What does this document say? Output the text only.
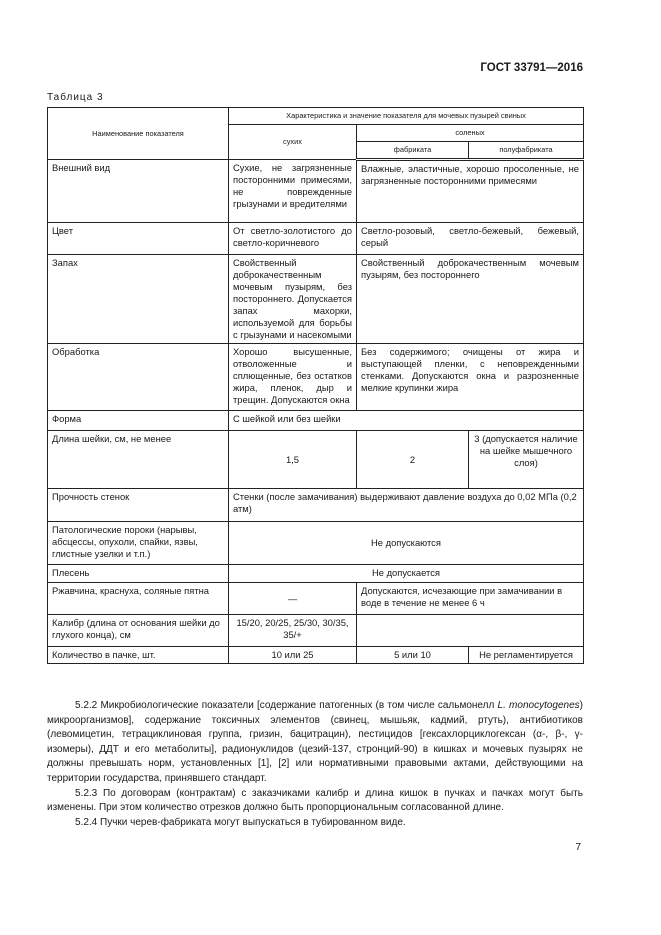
ГОСТ 33791—2016
Таблица 3
Наименование показателя	Характеристика и значение показателя для мочевых пузырей свиных		
	сухих	соленых	
		фабриката	полуфабриката
Внешний вид	Сухие, не загрязненные посторонними примесями, не поврежденные грызунами и вредителями	Влажные, эластичные, хорошо просоленные, не загрязненные посторонними примесями	
Цвет	От светло-золотистого до светло-коричневого	Светло-розовый, светло-бежевый, бежевый, серый	
Запах	Свойственный доброкачественным мочевым пузырям, без постороннего. Допускается запах махорки, используемой для борьбы с грызунами и насекомыми	Свойственный доброкачественным мочевым пузырям, без постороннего	
Обработка	Хорошо высушенные, отволоженные и сплющенные, без остатков жира, пленок, дыр и трещин. Допускаются окна	Без содержимого; очищены от жира и выступающей пленки, с неповрежденными стенками. Допускаются окна и разрозненные мелкие крупинки жира	
Форма	С шейкой или без шейки		
Длина шейки, см, не менее	1,5	2	3 (допускается наличие на шейке мышечного слоя)
Прочность стенок	Стенки (после замачивания) выдерживают давление воздуха до 0,02 МПа (0,2 атм)		
Патологические пороки (нарывы, абсцессы, опухоли, спайки, язвы, глистные узелки и т.п.)	Не допускаются		
Плесень	Не допускается		
Ржавчина, краснуха, соляные пятна	—	Допускаются, исчезающие при замачивании в воде в течение не менее 6 ч	
Калибр (длина от основания шейки до глухого конца), см	15/20, 20/25, 25/30, 30/35, 35/+		
Количество в пачке, шт.	10 или 25	5 или 10	Не регламентируется

5.2.2 Микробиологические показатели [содержание патогенных (в том числе сальмонелл L. monocytogenes) микроорганизмов], содержание токсичных элементов (свинец, мышьяк, кадмий, ртуть), антибиотиков (левомицетин, тетрациклиновая группа, гризин, бацитрацин), пестицидов [гексахлорциклогексан (α-, β-, γ- изомеры), ДДТ и его метаболиты], радионуклидов (цезий-137, стронций-90) в кишках и мочевых пузырях не должны превышать норм, установленных [1], [2] или нормативными правовыми актами, действующими на территории государства, принявшего стандарт.

5.2.3 По договорам (контрактам) с заказчиками калибр и длина кишок в пучках и пачках могут быть изменены. При этом количество отрезков должно быть пропорциональным согласованной длине.

5.2.4 Пучки черев-фабриката могут выпускаться в тубированном виде.

7
